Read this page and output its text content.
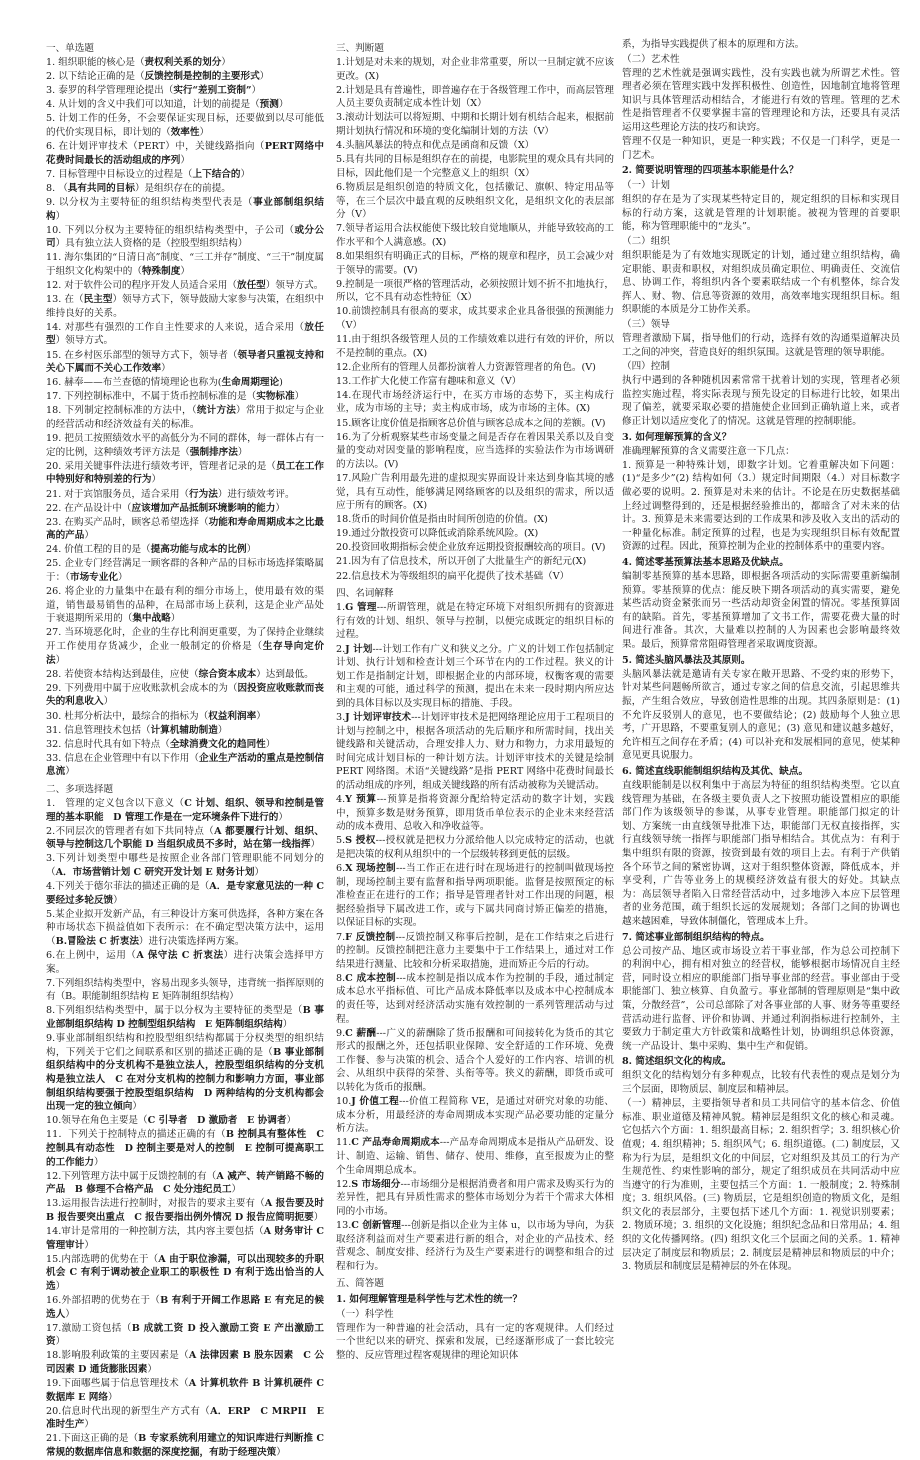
一、单选题

1. 组织职能的核心是（责权利关系的划分）

2. 以下结论正确的是（反馈控制是控制的主要形式）

3. 泰罗的科学管理理论提出（实行“差别工资制”）

4. 从计划的含义中我们可以知道，计划的前提是（预测）

5. 计划工作的任务，不会要保证实现目标，还要做到以尽可能低的代价实现目标，即计划的（效率性）

6. 在计划评审技术（PERT）中，关键线路指向（PERT网络中花费时间最长的活动组成的序列）

7. 目标管理中目标设立的过程是（上下结合的）

8. （具有共同的目标）是组织存在的前提。

9. 以分权为主要特征的组织结构类型代表是（事业部制组织结构）

10. 下列以分权为主要特征的组织结构类型中，子公司（或分公司）具有独立法人资格的是（控股型组织结构）

11. 海尔集团的“日清日高”制度、“三工并存”制度、“三干”制度属于组织文化构架中的（特殊制度）

12. 对于软件公司的程序开发人员适合采用（放任型）领导方式。

13. 在（民主型）领导方式下，领导鼓励大家参与决策，在组织中维持良好的关系。

14. 对那些有强烈的工作自主性要求的人来说，适合采用（放任型）领导方式。

15. 在乡村医乐部型的领导方式下，领导者（领导者只重视支持和关心下属而不关心工作效率）

16. 赫奉——布兰查德的情境理论也称为(生命周期理论)

17. 下列控制标准中，不属于货币控制标准的是（实物标准）

18. 下列制定控制标准的方法中，（统计方法）常用于拟定与企业的经营活动和经济效益有关的标准。

19. 把员工按照绩效水平的高低分为不同的群体，每一群体占有一定的比例，这种绩效考评方法是（强制排序法）

20. 采用关键事件法进行绩效考评，管理者记录的是（员工在工作中特别好和特别差的行为）

21. 对于宾馆服务员，适合采用（行为法）进行绩效考评。

22. 在产品设计中（应该增加产品抵制环境影响的能力）

23. 在购买产品时，顾客总希望选择（功能和寿命周期成本之比最高的产品）

24. 价值工程的目的是（提高功能与成本的比例）

25. 企业专门经营满足一顾客群的各种产品的目标市场选择策略属于：（市场专业化）

26. 将企业的力量集中在最有利的细分市场上，使用最有效的渠道，销售最易销售的品种，在局部市场上获利，这是企业产品处于衰退期所采用的（集中战略）

27. 当环境恶化时，企业的生存比利润更重要，为了保持企业继续开工作使用存货减少，企业一般制定的价格是（生存导向定价法）

28. 若使资本结构达到最佳，应使（综合资本成本）达到最低。

29. 下列费用中属于应收账款机会成本的为（因投资应收账款而丧失的利息收入）

30. 杜邦分析法中，最综合的指标为（权益利润率）

31. 信息管理技术包括（计算机辅助制造）

32. 信息时代具有如下特点（全球消费文化的趋同性）

33. 信息在企业管理中有以下作用（企业生产活动的重点是控制信息流）

二、多项选择题

1.　管理的定义包含以下意义（C 计划、组织、领导和控制是管理的基本职能　D 管理工作是在一定环境条件下进行的）

2.不同层次的管理者有如下共同特点（A 都要履行计划、组织、领导与控制这几个职能 D 当组织成员不多时，站在第一线指挥）

3.下列计划类型中哪些是按照企业各部门管理职能不同划分的（A．市场营销计划 C 研究开发计划 E 财务计划）

4.下列关于德尔菲法的描述正确的是（A．是专家意见法的一种 C 要经过多轮反馈）

5.某企业拟开发新产品，有三种设计方案可供选择，各种方案在各种市场状态下损益值如下表所示：在不确定型决策方法中，运用（B.冒险法 C 折衷法）进行决策选择两方案。

6.在上例中，运用（A 保守法 C 折衷法）进行决策会选择甲方案。

7.下列组织结构类型中，容易出现多头领导，违背统一指挥原则的有（B。职能制组织结构 E 矩阵制组织结构）

8.下列组织结构类型中，属于以分权为主要特征的类型是（B 事业部制组织结构 D 控制型组织结构　E 矩阵制组织结构）

9.事业部制组织结构和控股型组织结构都属于分权类型的组织结构，下列关于它们之间联系和区别的描述正确的是（B 事业部制组织结构中的分支机构不是独立法人，控股型组织结构的分支机构是独立法人　C 在对分支机构的控制力和影响力方面，事业部制组织结构要强于控股型组织结构　D 两种结构的分支机构都会出现一定的独立倾向）

10.领导在角色主要是（C 引导者　D 激励者　E 协调者）

11．下列关于控制特点的描述正确的有（B 控制具有整体性　C 控制具有动态性　D 控制主要是对人的控制　E 控制可提高职工的工作能力）

12.下列管理方法中属于反馈控制的有（A 减产、转产销路不畅的产品　B 修理不合格产品　C 处分违纪员工）

13.运用报告法进行控制时，对报告的要求主要有（A 报告要及时　B 报告要突出重点　C 报告要指出例外情况 D 报告应简明扼要）

14.审计是常用的一种控制方法，其内容主要包括（A 财务审计 C 管理审计）

15.内部选聘的优势在于（A 由于职位渗漏，可以出现较多的升职机会 C 有利于调动被企业职工的职极性 D 有利于选出恰当的人选）

16.外部招聘的优势在于（B 有利于开阔工作思路 E 有充足的候选人）

17.激励工资包括（B 成就工资 D 投入激励工资 E 产出激励工资）

18.影响股利政策的主要因素是（A 法律因素 B 股东因素　C 公司因素 D 通货膨胀因素）

19.下面哪些属于信息管理技术（A 计算机软件 B 计算机硬件 C 数据库 E 网络）

20.信息时代出现的新型生产方式有（A．ERP　C MRPII　E 准时生产）

21.下面这正确的是（B 专家系统利用建立的知识库进行判断推 C 常规的数据库信息和数据的深度挖掘，有助于经理决策）

三、判断题

1.计划是对未来的规划，对企业非常重要，所以一旦制定就不应该更改。(X)

2.计划是具有普遍性，即普遍存在于各级管理工作中，而高层管理人员主要负责制定成本性计划（X）

3.滚动计划法可以将短期、中期和长期计划有机结合起来，根据前期计划执行情况和环境的变化编制计划的方法（V）

4.头脑风暴法的特点和优点是函商和反馈（X）

5.具有共同的目标是组织存在的前提，电影院里的观众具有共同的目标，因此他们是一个完整意义上的组织（X）

6.物质层是组织创造的特质文化，包括徽记、旗帜、特定用品等等，在三个层次中最直观的反映组织文化，是组织文化的表层部分（V）

7.领导者运用合法权能使下级比较自觉地顺从，并能导致较高的工作水平和个人满意感。(X)

8.如果组织有明确正式的目标，严格的规章和程序，员工会减少对于领导的需要。(V)

9.控制是一项很严格的管理活动，必须按照计划不折不扣地执行，所以，它不具有动态性特征（X）

10.前馈控制具有很高的要求，成其要求企业具备很强的预测能力（V）

11.由于组织各级管理人员的工作绩效难以进行有效的评价，所以不是控制的重点。(X)

12.企业所有的管理人员都扮演着人力资源管理者的角色。(V)

13.工作扩大化使工作富有趣味和意义（V）

14.在现代市场经济运行中，在买方市场的态势下，买主构成行业，成为市场的主导；卖主构成市场，成为市场的主体。(X)

15.顾客让度价值是指顾客总价值与顾客总成本之间的差额。(V)

16.为了分析观察某些市场变量之间是否存在着因果关系以及自变量的变动对因变量的影响程度，应当选择的实验法作为市场调研的方法以。(V)

17.风险广告利用最先进的虚拟现实界面设计来达到身临其境的感觉，具有互动性，能够满足网络顾客的以及组织的需求，所以适应于所有的顾客。(X)

18.货币的时间价值是指由时间所创造的价值。(X)

19.通过分散投资可以降低或消除系统风险。(X)

20.投资回收期指标会使企业放弃远期投资报酬较高的项目。(V)

21.因为有了信息技术，所以开创了大批量生产的新纪元(X)

22.信息技术为等级组织的扁平化提供了技术基础（V）

四、名词解释

1.G 管理---所谓管理，就是在特定环境下对组织所拥有的资源进行有效的计划、组织、领导与控制，以便完成既定的组织目标的过程。

2.J 计划---计划工作有广义和狭义之分。广义的计划工作包括制定计划、执行计划和检查计划三个环节在内的工作过程。狭义的计划工作是指制定计划，即根据企业的内部环境，权衡客观的需要和主观的可能，通过科学的预测，提出在未来一段时期内所应达到的具体目标以及实现目标的措施、手段。

3.J 计划评审技术---计划评审技术是把网络理论应用于工程项目的计划与控制之中，根据各项活动的先后顺序和所需时间，找出关键线路和关键活动，合理安排人力、财力和物力，力求用最短的时间完成计划目标的一种计划方法。计划评审技术的关键是绘制 PERT 网络图。术语“关键线路”是指 PERT 网络中花费时间最长的活动组成的序列，组成关键线路的所有活动被称为关键活动。

4.Y 预算---预算是指将资源分配给特定活动的数字计划，实践中，预算多数是财务预算，即用货币单位表示的企业未来经营活动的成本费用、总收入和净收益等。

5.S 授权---授权就是把权力分派给他人以完成特定的活动，也就是把决策的权利从组织中的一个层级转移到更低的层级。

6.X 现场控制---当工作正在进行时在现场进行的控制叫做现场控制，现场控制主要有监督和指导两项职能。监督是按照预定的标准检查正在进行的工作；指导是管理者针对工作出现的问题，根据经验指导下属改进工作，或与下属共同商讨矫正偏差的措施，以保证目标的实现。

7.F 反馈控制---反馈控制又称事后控制，是在工作结束之后进行的控制。反馈控制把注意力主要集中于工作结果上，通过对工作结果进行测量、比较和分析采取措施，进而矫正今后的行动。

8.C 成本控制---成本控制是指以成本作为控制的手段，通过制定成本总水平指标值、可比产品成本降低率以及成本中心控制成本的责任等，达到对经济活动实施有效控制的一系列管理活动与过程。

9.C 薪酬---广义的薪酬除了货币报酬和可间接转化为货币的其它形式的报酬之外，还包括职业保障、安全舒适的工作环境、免费工作餐、参与决策的机会、适合个人爱好的工作内容、培训的机会、从组织中获得的荣誉、头衔等等。狭义的薪酬，即货币或可以转化为货币的报酬。

10.J 价值工程---价值工程简称 VE，是通过对研究对象的功能、成本分析，用最经济的寿命周期成本实现产品必要功能的定量分析方法。

11.C 产品寿命周期成本---产品寿命周期成本是指从产品研发、设计、制造、运输、销售、储存、使用、维修，直至报废为止的整个生命周期总成本。

12.S 市场细分---市场细分是根据消费者和用户需求及购买行为的差异性，把具有异质性需求的整体市场划分为若干个需求大体相同的小市场。

13.C 创新管理---创新是指以企业为主体 u，以市场为导向，为获取经济利益而对生产要素进行新的组合，对企业的产品技术、经营观念、制度安排、经济行为及生产要素进行的调整和组合的过程和行为。

五、简答题

1. 如何理解管理是科学性与艺术性的统一？

（一）科学性

管理作为一种普遍的社会活动，具有一定的客观规律。人们经过一个世纪以来的研究、探索和发展，已经逐渐形成了一套比较完整的、反应管理过程客观规律的理论知识体

系，为指导实践提供了根本的原理和方法。

（二）艺术性

管理的艺术性就是强调实践性，没有实践也就为所谓艺术性。管理者必须在管理实践中发挥积极性、创造性，因地制宜地将管理知识与具体管理活动相结合，才能进行有效的管理。管理的艺术性是指管理者不仅要掌握丰富的管理理论和方法，还要具有灵活运用这些理论方法的技巧和诀窍。

管理不仅是一种知识，更是一种实践；不仅是一门科学，更是一门艺术。

2. 简要说明管理的四项基本职能是什么？

（一）计划

组织的存在是为了实现某些特定目的，规定组织的目标和实现目标的行动方案，这就是管理的计划职能。被视为管理的首要职能，称为管理职能中的“龙头”。

（二）组织

组织职能是为了有效地实现既定的计划，通过建立组织结构，确定职能、职责和职权，对组织成员确定职位、明确责任、交流信息、协调工作，将组织内各个要素联结成一个有机整体，综合发挥人、财、物、信息等资源的效用，高效率地实现组织目标。组织职能的本质是分工协作关系。

（三）领导

管理者激励下属，指导他们的行动，选择有效的沟通渠道解决员工之间的冲突，营造良好的组织氛围。这就是管理的领导职能。

（四）控制

执行中遇到的各种随机因素常常干扰着计划的实现，管理者必须监控实施过程，将实际表现与预先设定的目标进行比较，如果出现了偏差，就要采取必要的措施使企业回到正确轨道上来，或者修正计划以适应变化了的情况。这就是管理的控制职能。

3. 如何理解预算的含义？

准确理解预算的含义需要注意一下几点：

1. 预算是一种特殊计划，即数字计划。它着重解决如下问题：(1)“是多少”(2) 结构如何（3.）规定时间期限（4.）对目标数字做必要的说明。2. 预算是对未来的估计。不论是在历史数据基础上经过调整得到的，还是根据经验推出的，都暗含了对未来的估计。3. 预算是未来需要达到的工作成果和涉及收入支出的活动的一种量化标准。制定预算的过程，也是为实现组织目标有效配置资源的过程。因此，预算控制为企业的控制体系中的重要内容。

4. 简述零基预算法基本思路及优缺点。

编制零基预算的基本思路，即根据各项活动的实际需要重新编制预算。零基预算的优点：能反映下期各项活动的真实需要，避免某些活动资金紧张而另一些活动却资金闲置的情况。零基预算固有的缺陷。首先，零基预算增加了文书工作，需要花费大量的时间进行准备。其次，大量难以控制的人为因素也会影响最终效果。最后，预算常常阻碍管理者采取调度资源。

5. 简述头脑风暴法及其原则。

头脑风暴法就是邀请有关专家在敞开思路、不受约束的形势下，针对某些问题畅所欲言，通过专家之间的信息交流，引起思维共振，产生组合效应，导致创造性思维的出现。其四条原则是：(1) 不允许反驳别人的意见，也不要做结论；(2) 鼓励每个人独立思考，广开思路，不要重复别人的意见；(3) 意见和建议越多越好，允许相互之间存在矛盾；(4) 可以补充和发展相同的意见，使某种意见更具说服力。

6. 简述直线职能制组织结构及其优、缺点。

直线职能制是以权利集中于高层为特征的组织结构类型。它以直线管理为基础，在各级主要负责人之下按照功能设置相应的职能部门作为该级领导的参谋，从事专业管理。职能部门拟定的计划、方案统一由直线领导批准下达，职能部门无权直接指挥，实行直线领导统一指挥与职能部门指导相结合。其优点为：有利于集中组织有限的资源，按资到最有效的项目上去。有利于产供销各个环节之间的紧密协调，这对于组织整体资源，降低成本，并享受利，广告等业务上的规模经济效益有很大的好处。其缺点为：高层领导者陷入日常经营活动中，过多地涉入本应下层管理者的业务范围，疏于组织长远的发展规划；各部门之间的协调也越来越困难，导致体制僵化，管理成本上升。

7. 简述事业部制组织结构的特点。

总公司按产品、地区或市场设立若干事业部，作为总公司控制下的利润中心，拥有相对独立的经营权，能够根据市场情况自主经营，同时设立相应的职能部门指导事业部的经营。事业部由于受职能部门、独立核算、自负盈亏。事业部制的管理原则是“集中政策，分散经营”，公司总部除了对各事业部的人事、财务等重要经营活动进行监督、评价和协调、并通过利润指标进行控制外，主要致力于制定重大方针政策和战略性计划，协调组织总体资源，统一产品设计、集中采购、集中生产和促销。

8. 简述组织文化的构成。

组织文化的结构划分有多种观点，比较有代表性的观点是划分为三个层面，即物质层、制度层和精神层。

（一）精神层，主要指领导者和员工共同信守的基本信念、价值标准、职业道德及精神风貌。精神层是组织文化的核心和灵魂。它包括六个方面：1. 组织最高目标；2. 组织哲学；3. 组织核心价值观；4. 组织精神；5. 组织风气；6. 组织道德。(二) 制度层，又称为行为层，是组织文化的中间层，它对组织及其员工的行为产生规范性、约束性影响的部分，规定了组织成员在共同活动中应当遵守的行为准则，主要包括三个方面：1. 一般制度；2. 特殊制度；3. 组织风俗。(三) 物质层，它是组织创造的物质文化，是组织文化的表层部分，主要包括下述几个方面：1. 视觉识别要素；2. 物质环境；3. 组织的文化设施；组织纪念品和日常用品；4. 组织的文化传播网络。(四) 组织文化三个层面之间的关系。1. 精神层决定了制度层和物质层；2. 制度层是精神层和物质层的中介；3. 物质层和制度层是精神层的外在体现。
